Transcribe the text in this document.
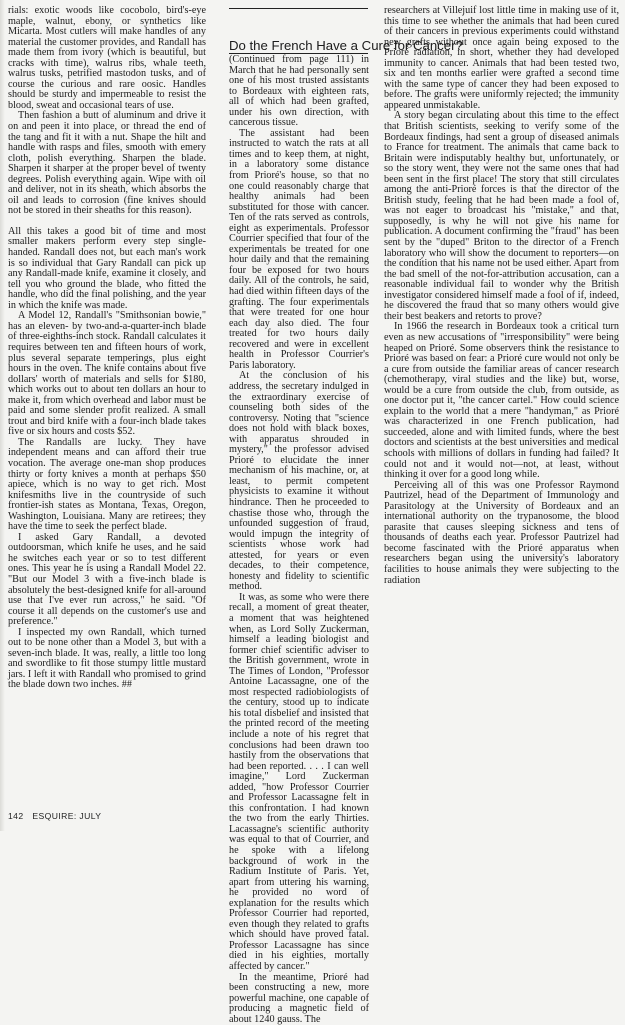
Do the French Have a Cure for Cancer?

rials: exotic woods like cocobolo, bird's-eye maple, walnut, ebony, or synthetics like Micarta. Most cutlers will make handles of any material the customer provides, and Randall has made them from ivory (which is beautiful, but cracks with time), walrus ribs, whale teeth, walrus tusks, petrified mastodon tusks, and of course the curious and rare oosic. Handles should be sturdy and impermeable to resist the blood, sweat and occasional tears of use.

Then fashion a butt of aluminum and drive it on and peen it into place, or thread the end of the tang and fit it with a nut. Shape the hilt and handle with rasps and files, smooth with emery cloth, polish everything. Sharpen the blade. Sharpen it sharper at the proper bevel of twenty degrees. Polish everything again. Wipe with oil and deliver, not in its sheath, which absorbs the oil and leads to corrosion (fine knives should not be stored in their sheaths for this reason).

All this takes a good bit of time and most smaller makers perform every step single-handed. Randall does not, but each man's work is so individual that Gary Randall can pick up any Randall-made knife, examine it closely, and tell you who ground the blade, who fitted the handle, who did the final polishing, and the year in which the knife was made.

A Model 12, Randall's "Smithsonian bowie," has an eleven- by two-and-a-quarter-inch blade of three-eighths-inch stock. Randall calculates it requires between ten and fifteen hours of work, plus several separate temperings, plus eight hours in the oven. The knife contains about five dollars' worth of materials and sells for $180, which works out to about ten dollars an hour to make it, from which overhead and labor must be paid and some slender profit realized. A small trout and bird knife with a four-inch blade takes five or six hours and costs $52.

The Randalls are lucky. They have independent means and can afford their true vocation. The average one-man shop produces thirty or forty knives a month at perhaps $50 apiece, which is no way to get rich. Most knifesmiths live in the countryside of such frontier-ish states as Montana, Texas, Oregon, Washington, Louisiana. Many are retirees; they have the time to seek the perfect blade.

I asked Gary Randall, a devoted outdoorsman, which knife he uses, and he said he switches each year or so to test different ones. This year he is using a Randall Model 22. "But our Model 3 with a five-inch blade is absolutely the best-designed knife for all-around use that I've ever run across," he said. "Of course it all depends on the customer's use and preference."

I inspected my own Randall, which turned out to be none other than a Model 3, but with a seven-inch blade. It was, really, a little too long and swordlike to fit those stumpy little mustard jars. I left it with Randall who promised to grind the blade down two inches. ##

(Continued from page 111) in March that he had personally sent one of his most trusted assistants to Bordeaux with eighteen rats, all of which had been grafted, under his own direction, with cancerous tissue.

The assistant had been instructed to watch the rats at all times and to keep them, at night, in a laboratory some distance from Prioré's house, so that no one could reasonably charge that healthy animals had been substituted for those with cancer. Ten of the rats served as controls, eight as experimentals. Professor Courrier specified that four of the experimentals be treated for one hour daily and that the remaining four be exposed for two hours daily. All of the controls, he said, had died within fifteen days of the grafting. The four experimentals that were treated for one hour each day also died. The four treated for two hours daily recovered and were in excellent health in Professor Courrier's Paris laboratory.

At the conclusion of his address, the secretary indulged in the extraordinary exercise of counseling both sides of the controversy. Noting that "science does not hold with black boxes, with apparatus shrouded in mystery," the professor advised Prioré to elucidate the inner mechanism of his machine, or, at least, to permit competent physicists to examine it without hindrance. Then he proceeded to chastise those who, through the unfounded suggestion of fraud, would impugn the integrity of scientists whose work had attested, for years or even decades, to their competence, honesty and fidelity to scientific method.

It was, as some who were there recall, a moment of great theater, a moment that was heightened when, as Lord Solly Zuckerman, himself a leading biologist and former chief scientific adviser to the British government, wrote in The Times of London, "Professor Antoine Lacassagne, one of the most respected radiobiologists of the century, stood up to indicate his total disbelief and insisted that the printed record of the meeting include a note of his regret that conclusions had been drawn too hastily from the observations that had been reported. . . . I can well imagine," Lord Zuckerman added, "how Professor Courrier and Professor Lacassagne felt in this confrontation. I had known the two from the early Thirties. Lacassagne's scientific authority was equal to that of Courrier, and he spoke with a lifelong background of work in the Radium Institute of Paris. Yet, apart from uttering his warning, he provided no word of explanation for the results which Professor Courrier had reported, even though they related to grafts which should have proved fatal. Professor Lacassagne has since died in his eighties, mortally affected by cancer."

In the meantime, Prioré had been constructing a new, more powerful machine, one capable of producing a magnetic field of about 1240 gauss. The

researchers at Villejuif lost little time in making use of it, this time to see whether the animals that had been cured of their cancers in previous experiments could withstand new grafts without once again being exposed to the Prioré radiation, in short, whether they had developed immunity to cancer. Animals that had been tested two, six and ten months earlier were grafted a second time with the same type of cancer they had been exposed to before. The grafts were uniformly rejected; the immunity appeared unmistakable.

A story began circulating about this time to the effect that British scientists, seeking to verify some of the Bordeaux findings, had sent a group of diseased animals to France for treatment. The animals that came back to Britain were indisputably healthy but, unfortunately, or so the story went, they were not the same ones that had been sent in the first place! The story that still circulates among the anti-Prioré forces is that the director of the British study, feeling that he had been made a fool of, was not eager to broadcast his "mistake," and that, supposedly, is why he will not give his name for publication. A document confirming the "fraud" has been sent by the "duped" Briton to the director of a French laboratory who will show the document to reporters—on the condition that his name not be used either. Apart from the bad smell of the not-for-attribution accusation, can a reasonable individual fail to wonder why the British investigator considered himself made a fool of if, indeed, he discovered the fraud that so many others would give their best beakers and retorts to prove?

In 1966 the research in Bordeaux took a critical turn even as new accusations of "irresponsibility" were being heaped on Prioré. Some observers think the resistance to Prioré was based on fear: a Prioré cure would not only be a cure from outside the familiar areas of cancer research (chemotherapy, viral studies and the like) but, worse, would be a cure from outside the club, from outside, as one doctor put it, "the cancer cartel." How could science explain to the world that a mere "handyman," as Prioré was characterized in one French publication, had succeeded, alone and with limited funds, where the best doctors and scientists at the best universities and medical schools with millions of dollars in funding had failed? It could not and it would not—not, at least, without thinking it over for a good long while.

Perceiving all of this was one Professor Raymond Pautrizel, head of the Department of Immunology and Parasitology at the University of Bordeaux and an international authority on the trypanosome, the blood parasite that causes sleeping sickness and tens of thousands of deaths each year. Professor Pautrizel had become fascinated with the Prioré apparatus when researchers began using the university's laboratory facilities to house animals they were subjecting to the radiation

142 ESQUIRE: JULY
